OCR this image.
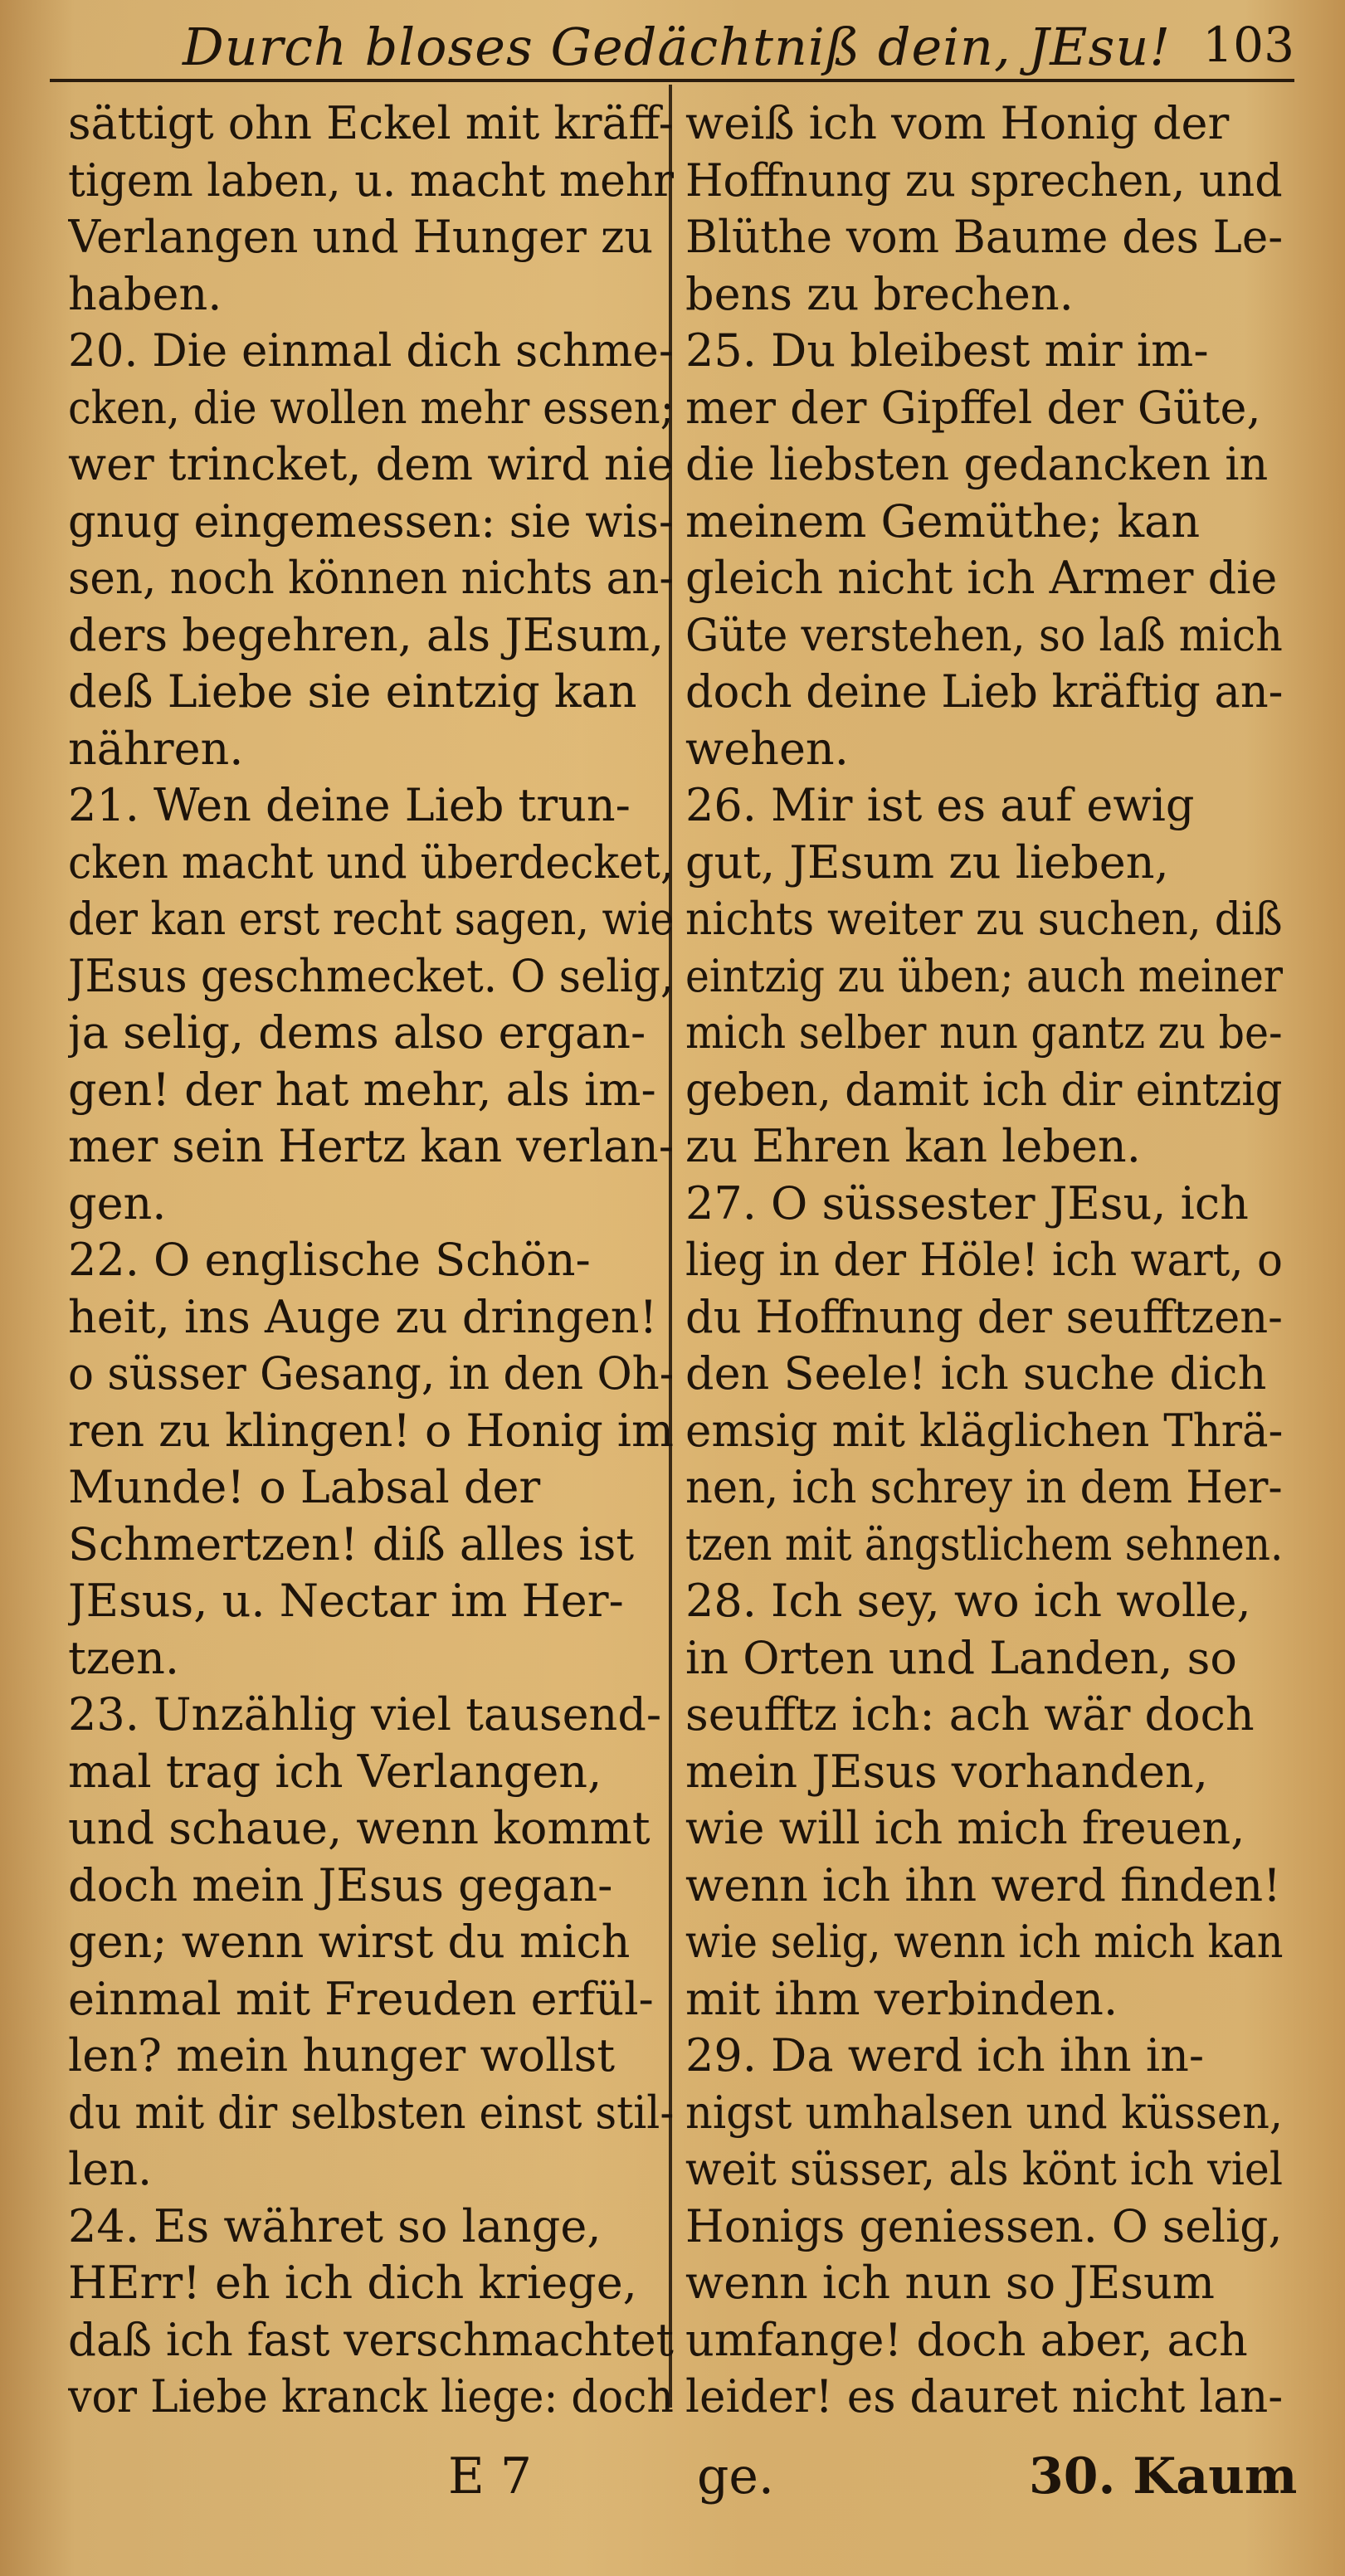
Durch bloses Gedächtniß dein, JEsu! 103
sättigt ohn Eckel mit kräff-
tigem laben, u. macht mehr
Verlangen und Hunger zu
haben.
20. Die einmal dich schme-
cken, die wollen mehr essen;
wer trincket, dem wird nie
gnug eingemessen: sie wis-
sen, noch können nichts an-
ders begehren, als JEsum,
deß Liebe sie eintzig kan
nähren.
21. Wen deine Lieb trun-
cken macht und überdecket,
der kan erst recht sagen, wie
JEsus geschmecket. O selig,
ja selig, dems also ergan-
gen! der hat mehr, als im-
mer sein Hertz kan verlan-
gen.
22. O englische Schön-
heit, ins Auge zu dringen!
o süsser Gesang, in den Oh-
ren zu klingen! o Honig im
Munde! o Labsal der
Schmertzen! diß alles ist
JEsus, u. Nectar im Her-
tzen.
23. Unzählig viel tausend-
mal trag ich Verlangen,
und schaue, wenn kommt
doch mein JEsus gegan-
gen; wenn wirst du mich
einmal mit Freuden erfül-
len? mein hunger wollst
du mit dir selbsten einst stil-
len.
24. Es währet so lange,
HErr! eh ich dich kriege,
daß ich fast verschmachtet
vor Liebe kranck liege: doch
weiß ich vom Honig der
Hoffnung zu sprechen, und
Blüthe vom Baume des Le-
bens zu brechen.
25. Du bleibest mir im-
mer der Gipffel der Güte,
die liebsten gedancken in
meinem Gemüthe; kan
gleich nicht ich Armer die
Güte verstehen, so laß mich
doch deine Lieb kräftig an-
wehen.
26. Mir ist es auf ewig
gut, JEsum zu lieben,
nichts weiter zu suchen, diß
eintzig zu üben; auch meiner
mich selber nun gantz zu be-
geben, damit ich dir eintzig
zu Ehren kan leben.
27. O süssester JEsu, ich
lieg in der Höle! ich wart, o
du Hoffnung der seufftzen-
den Seele! ich suche dich
emsig mit kläglichen Thrä-
nen, ich schrey in dem Her-
tzen mit ängstlichem sehnen.
28. Ich sey, wo ich wolle,
in Orten und Landen, so
seufftz ich: ach wär doch
mein JEsus vorhanden,
wie will ich mich freuen,
wenn ich ihn werd finden!
wie selig, wenn ich mich kan
mit ihm verbinden.
29. Da werd ich ihn in-
nigst umhalsen und küssen,
weit süsser, als könt ich viel
Honigs geniessen. O selig,
wenn ich nun so JEsum
umfange! doch aber, ach
leider! es dauret nicht lan-
E 7	ge.	30. Kaum
